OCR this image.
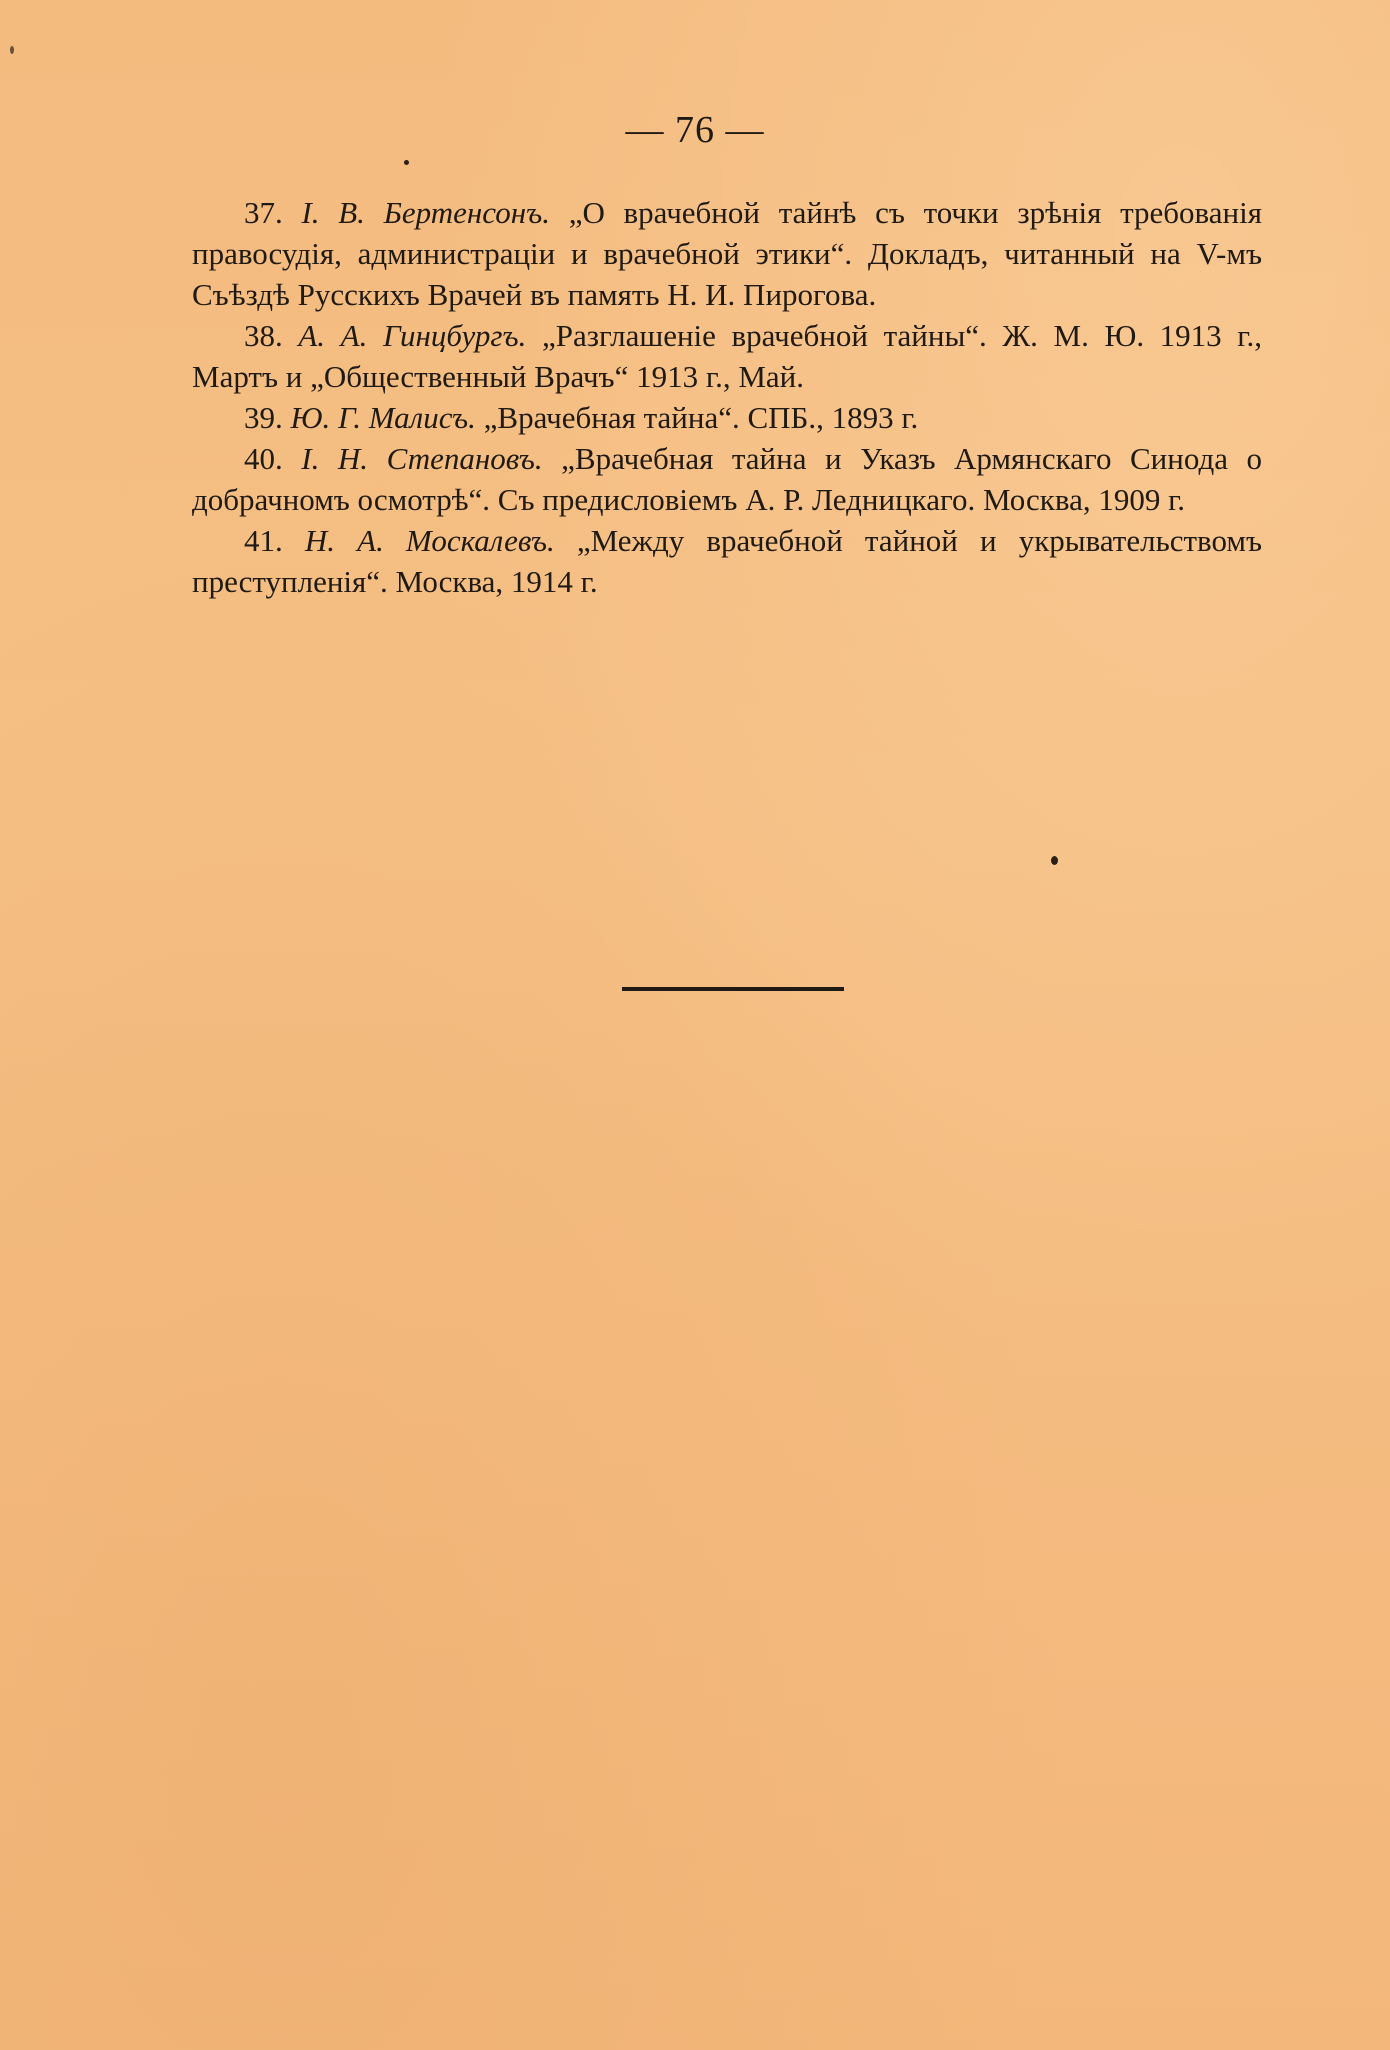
— 76 —

37. І. В. Бертенсонъ. „О врачебной тайнѣ съ точки зрѣнія требованія правосудія, администраціи и врачебной этики“. Докладъ, читанный на V-мъ Съѣздѣ Русскихъ Врачей въ память Н. И. Пирогова.

38. А. А. Гинцбургъ. „Разглашеніе врачебной тайны“. Ж. М. Ю. 1913 г., Мартъ и „Общественный Врачъ“ 1913 г., Май.

39. Ю. Г. Малисъ. „Врачебная тайна“. СПБ., 1893 г.

40. І. Н. Степановъ. „Врачебная тайна и Указъ Армянскаго Синода о добрачномъ осмотрѣ“. Съ предисловіемъ А. Р. Ледницкаго. Москва, 1909 г.

41. Н. А. Москалевъ. „Между врачебной тайной и укрывательствомъ преступленія“. Москва, 1914 г.
